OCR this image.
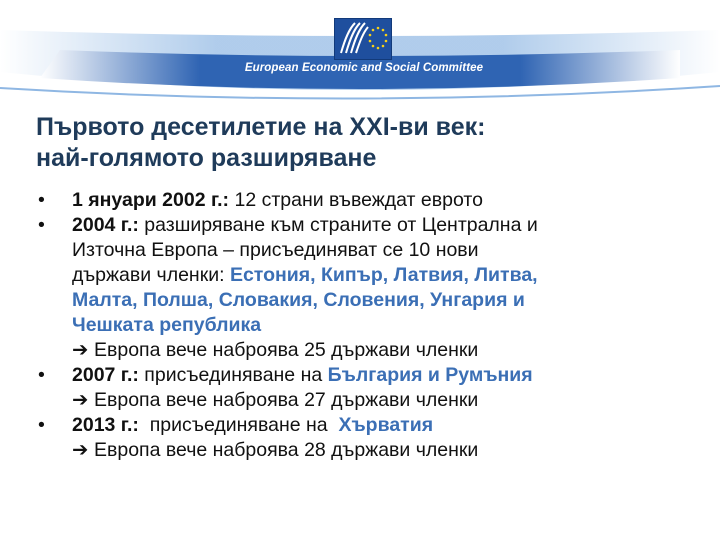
European Economic and Social Committee
Първото десетилетие на XXI-ви век:
най-голямото разширяване
•	1 януари 2002 г.: 12 страни въвеждат еврото
•	2004 г.: разширяване към страните от Централна и
Източна Европа – присъединяват се 10 нови
държави членки: Естония, Кипър, Латвия, Литва,
Малта, Полша, Словакия, Словения, Унгария и
Чешката република
➔ Европа вече наброява 25 държави членки
•	2007 г.: присъединяване на България и Румъния
➔ Европа вече наброява 27 държави членки
•	2013 г.:  присъединяване на  Хърватия
➔ Европа вече наброява 28 държави членки
